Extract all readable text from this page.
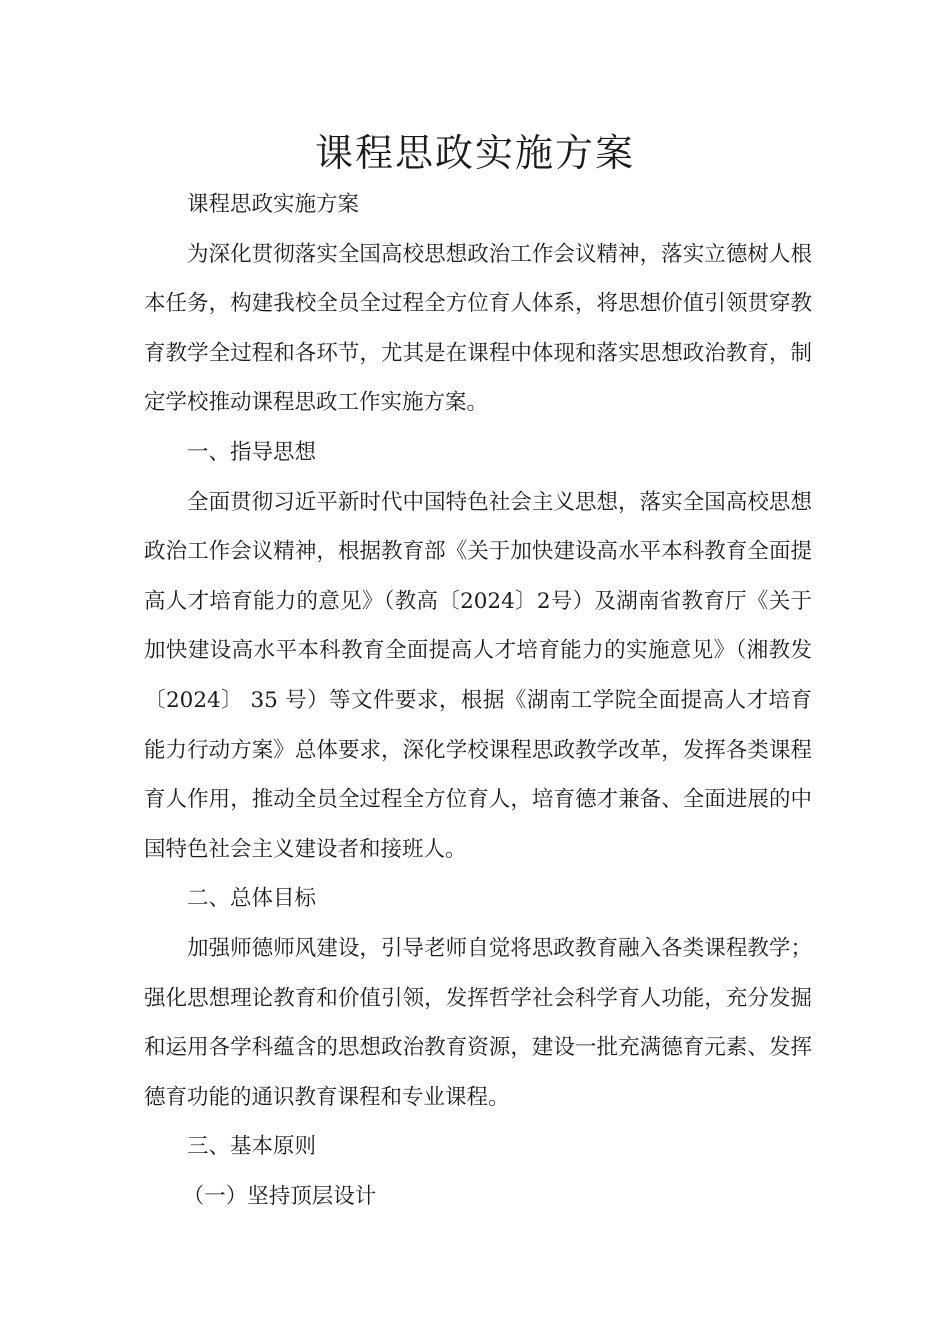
课程思政实施方案

课程思政实施方案

为深化贯彻落实全国高校思想政治工作会议精神，落实立德树人根本任务，构建我校全员全过程全方位育人体系，将思想价值引领贯穿教育教学全过程和各环节，尤其是在课程中体现和落实思想政治教育，制定学校推动课程思政工作实施方案。

一、指导思想

全面贯彻习近平新时代中国特色社会主义思想，落实全国高校思想政治工作会议精神，根据教育部《关于加快建设高水平本科教育全面提高人才培育能力的意见》（教高〔2024〕2号）及湖南省教育厅《关于加快建设高水平本科教育全面提高人才培育能力的实施意见》（湘教发〔2024〕 35 号）等文件要求，根据《湖南工学院全面提高人才培育能力行动方案》总体要求，深化学校课程思政教学改革，发挥各类课程育人作用，推动全员全过程全方位育人，培育德才兼备、全面进展的中国特色社会主义建设者和接班人。

二、总体目标

加强师德师风建设，引导老师自觉将思政教育融入各类课程教学；强化思想理论教育和价值引领，发挥哲学社会科学育人功能，充分发掘和运用各学科蕴含的思想政治教育资源，建设一批充满德育元素、发挥德育功能的通识教育课程和专业课程。

三、基本原则

（一）坚持顶层设计
